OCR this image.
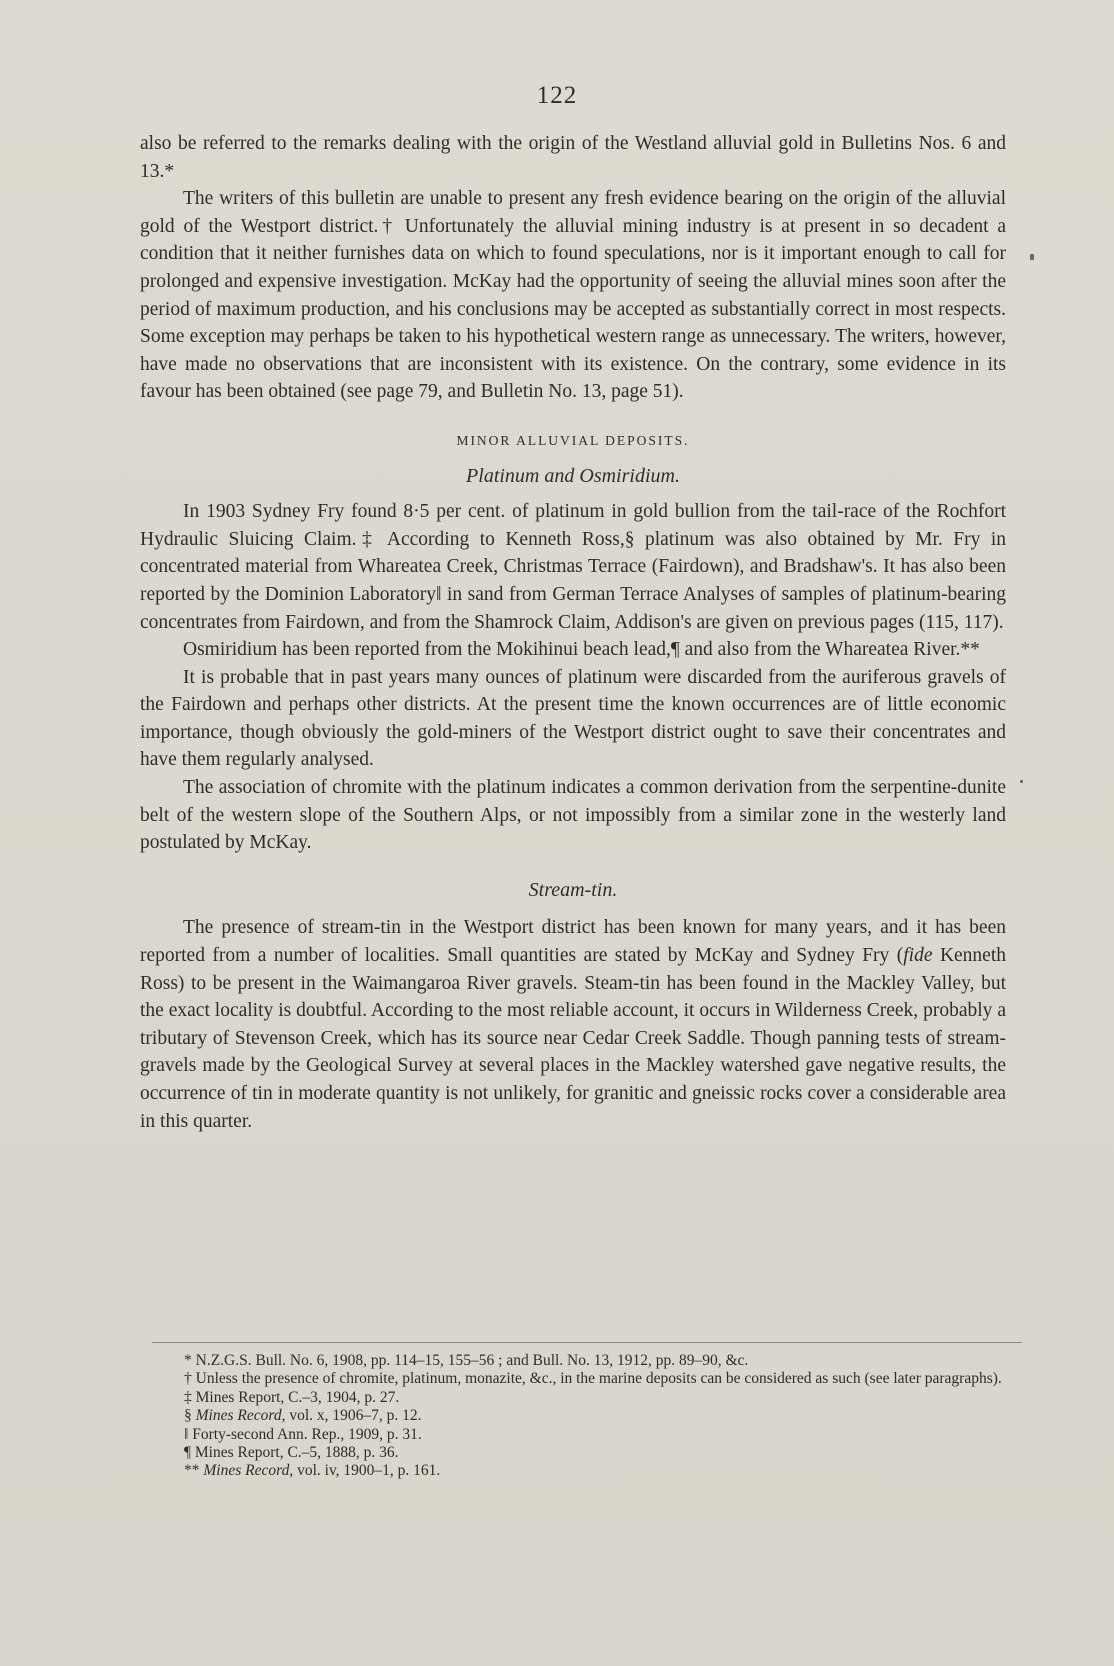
122

also be referred to the remarks dealing with the origin of the Westland alluvial gold in Bulletins Nos. 6 and 13.*

The writers of this bulletin are unable to present any fresh evidence bearing on the origin of the alluvial gold of the Westport district.† Unfortunately the alluvial mining industry is at present in so decadent a condition that it neither furnishes data on which to found speculations, nor is it important enough to call for prolonged and expensive investigation. McKay had the opportunity of seeing the alluvial mines soon after the period of maximum production, and his conclusions may be accepted as substantially correct in most respects. Some exception may perhaps be taken to his hypothetical western range as unnecessary. The writers, however, have made no observations that are inconsistent with its existence. On the contrary, some evidence in its favour has been obtained (see page 79, and Bulletin No. 13, page 51).

MINOR ALLUVIAL DEPOSITS.
Platinum and Osmiridium.

In 1903 Sydney Fry found 8·5 per cent. of platinum in gold bullion from the tail-race of the Rochfort Hydraulic Sluicing Claim.‡ According to Kenneth Ross,§ platinum was also obtained by Mr. Fry in concentrated material from Whareatea Creek, Christmas Terrace (Fairdown), and Bradshaw's. It has also been reported by the Dominion Laboratory‖ in sand from German Terrace Analyses of samples of platinum-bearing concentrates from Fairdown, and from the Shamrock Claim, Addison's are given on previous pages (115, 117).

Osmiridium has been reported from the Mokihinui beach lead,¶ and also from the Whareatea River.**

It is probable that in past years many ounces of platinum were discarded from the auriferous gravels of the Fairdown and perhaps other districts. At the present time the known occurrences are of little economic importance, though obviously the gold-miners of the Westport district ought to save their concentrates and have them regularly analysed.

The association of chromite with the platinum indicates a common derivation from the serpentine-dunite belt of the western slope of the Southern Alps, or not impossibly from a similar zone in the westerly land postulated by McKay.

Stream-tin.

The presence of stream-tin in the Westport district has been known for many years, and it has been reported from a number of localities. Small quantities are stated by McKay and Sydney Fry (fide Kenneth Ross) to be present in the Waimangaroa River gravels. Steam-tin has been found in the Mackley Valley, but the exact locality is doubtful. According to the most reliable account, it occurs in Wilderness Creek, probably a tributary of Stevenson Creek, which has its source near Cedar Creek Saddle. Though panning tests of stream-gravels made by the Geological Survey at several places in the Mackley watershed gave negative results, the occurrence of tin in moderate quantity is not unlikely, for granitic and gneissic rocks cover a considerable area in this quarter.

* N.Z.G.S. Bull. No. 6, 1908, pp. 114–15, 155–56 ; and Bull. No. 13, 1912, pp. 89–90, &c.

† Unless the presence of chromite, platinum, monazite, &c., in the marine deposits can be considered as such (see later paragraphs).

‡ Mines Report, C.–3, 1904, p. 27.

§ Mines Record, vol. x, 1906–7, p. 12.

‖ Forty-second Ann. Rep., 1909, p. 31.

¶ Mines Report, C.–5, 1888, p. 36.

** Mines Record, vol. iv, 1900–1, p. 161.
